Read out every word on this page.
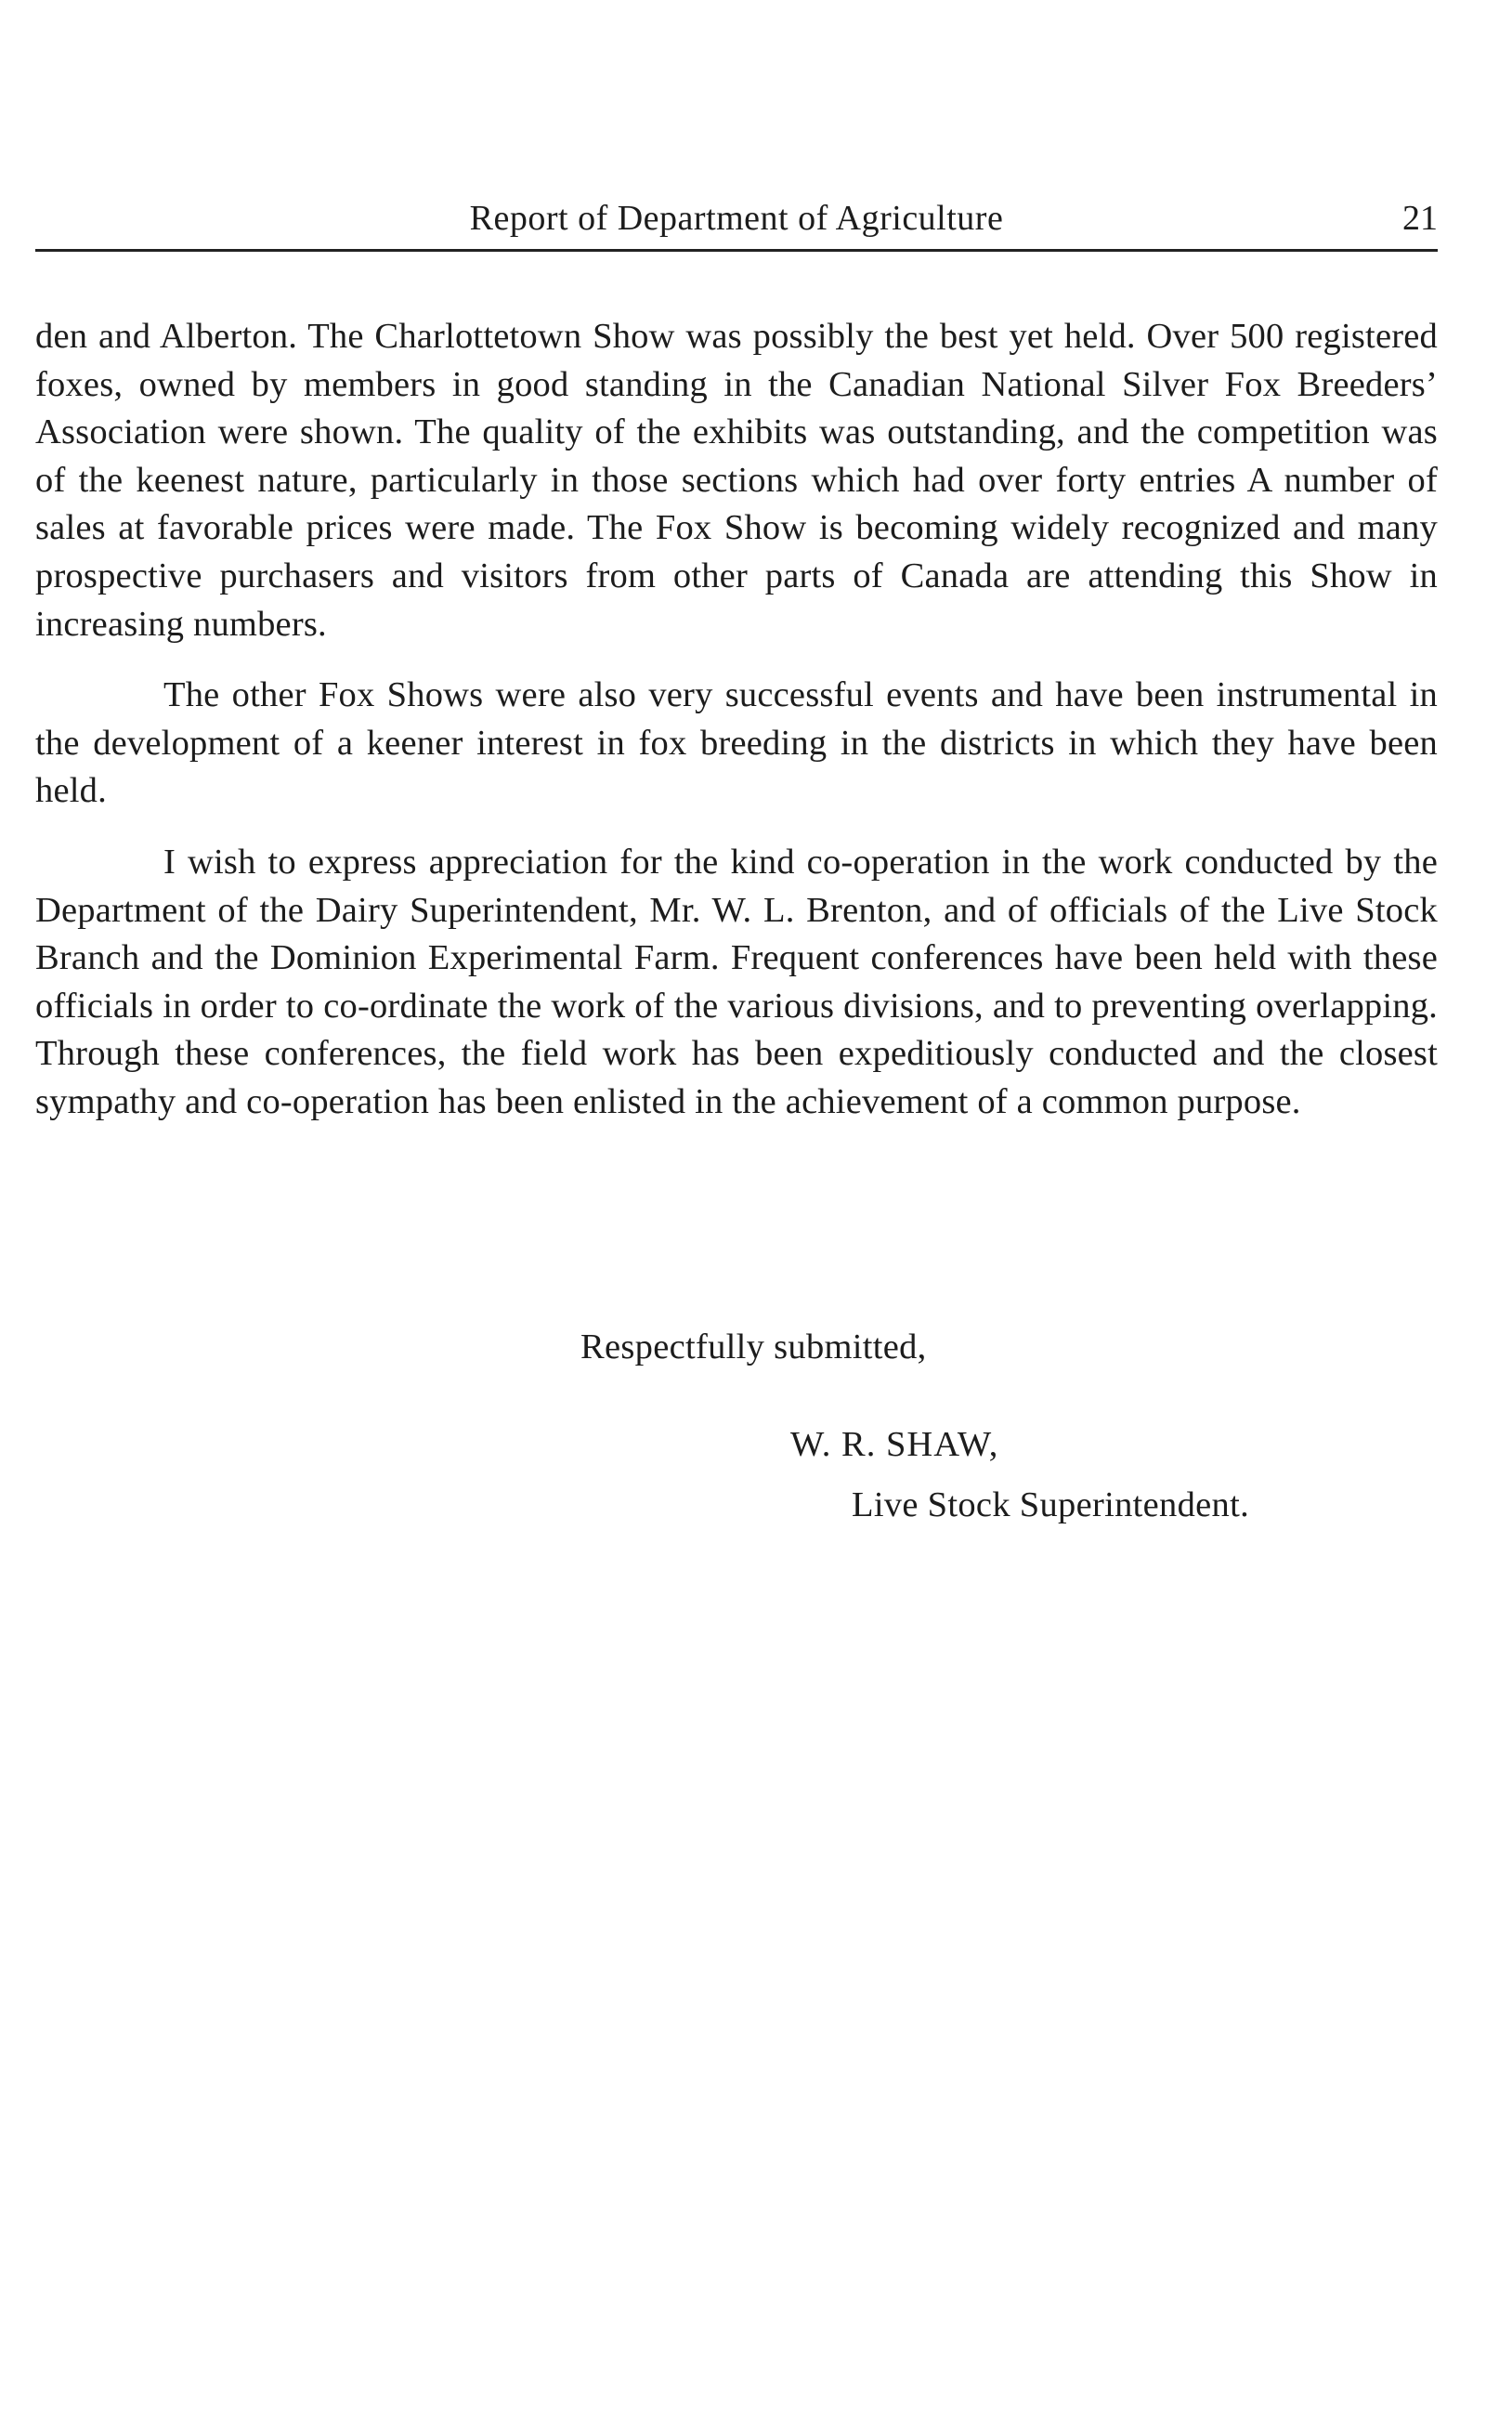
Report of Department of Agriculture	21

den and Alberton. The Charlottetown Show was possibly the best yet held. Over 500 registered foxes, owned by members in good standing in the Canadian National Silver Fox Breeders’ Association were shown. The quality of the exhibits was outstanding, and the competition was of the keenest nature, particularly in those sections which had over forty entries A number of sales at favorable prices were made. The Fox Show is becoming widely recognized and many prospective purchasers and visitors from other parts of Canada are attending this Show in increasing numbers.

The other Fox Shows were also very successful events and have been instrumental in the development of a keener interest in fox breeding in the districts in which they have been held.

I wish to express appreciation for the kind co-operation in the work conducted by the Department of the Dairy Superintendent, Mr. W. L. Brenton, and of officials of the Live Stock Branch and the Dominion Experimental Farm. Frequent conferences have been held with these officials in order to co-ordinate the work of the various divisions, and to preventing overlapping. Through these conferences, the field work has been expeditiously conducted and the closest sympathy and co-operation has been enlisted in the achievement of a common purpose.

Respectfully submitted,
W. R. SHAW,
Live Stock Superintendent.
